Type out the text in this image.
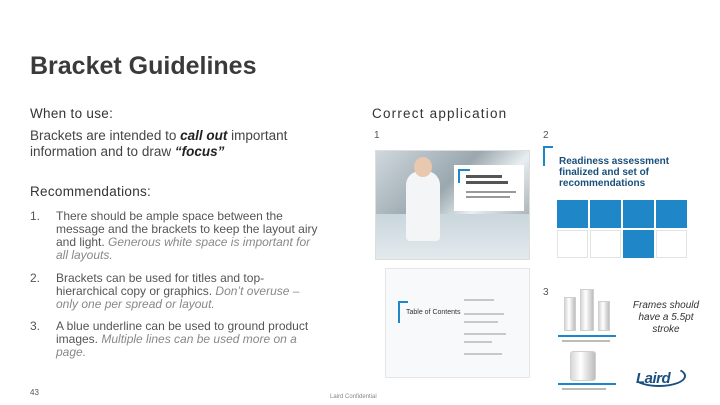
Bracket Guidelines
When to use:
Brackets are intended to call out important information and to draw “focus”
Recommendations:
1. There should be ample space between the message and the brackets to keep the layout airy and light. Generous white space is important for all layouts.
2. Brackets can be used for titles and top-hierarchical copy or graphics. Don’t overuse – only one per spread or layout.
3. A blue underline can be used to ground product images. Multiple lines can be used more on a page.
Correct application
1	2
3
Readiness assessment finalized and set of recommendations
Table of Contents
Frames should have a 5.5pt stroke
43	Laird Confidential
Laird
